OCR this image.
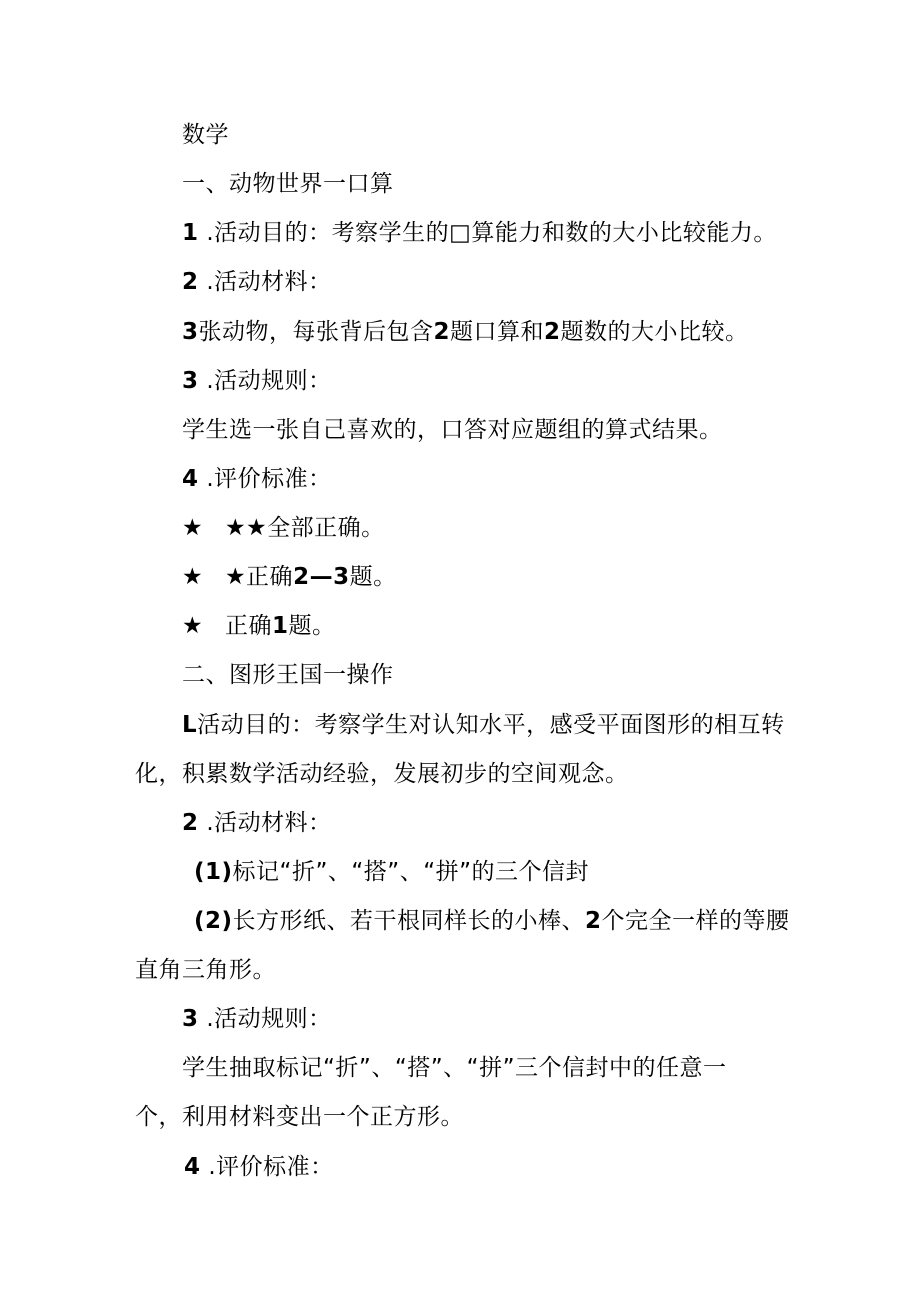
数学
一、动物世界一口算
1 .活动目的：考察学生的□算能力和数的大小比较能力。
2 .活动材料：
3张动物，每张背后包含2题口算和2题数的大小比较。
3 .活动规则：
学生选一张自己喜欢的，口答对应题组的算式结果。
4 .评价标准：
★ ★★全部正确。
★ ★正确2—3题。
★ 正确1题。
二、图形王国一操作
L活动目的：考察学生对认知水平，感受平面图形的相互转
化，积累数学活动经验，发展初步的空间观念。
2 .活动材料：
(1)标记“折”、“搭”、“拼”的三个信封
(2)长方形纸、若干根同样长的小棒、2个完全一样的等腰
直角三角形。
3 .活动规则：
学生抽取标记“折”、“搭”、“拼”三个信封中的任意一
个，利用材料变出一个正方形。
4 .评价标准：
